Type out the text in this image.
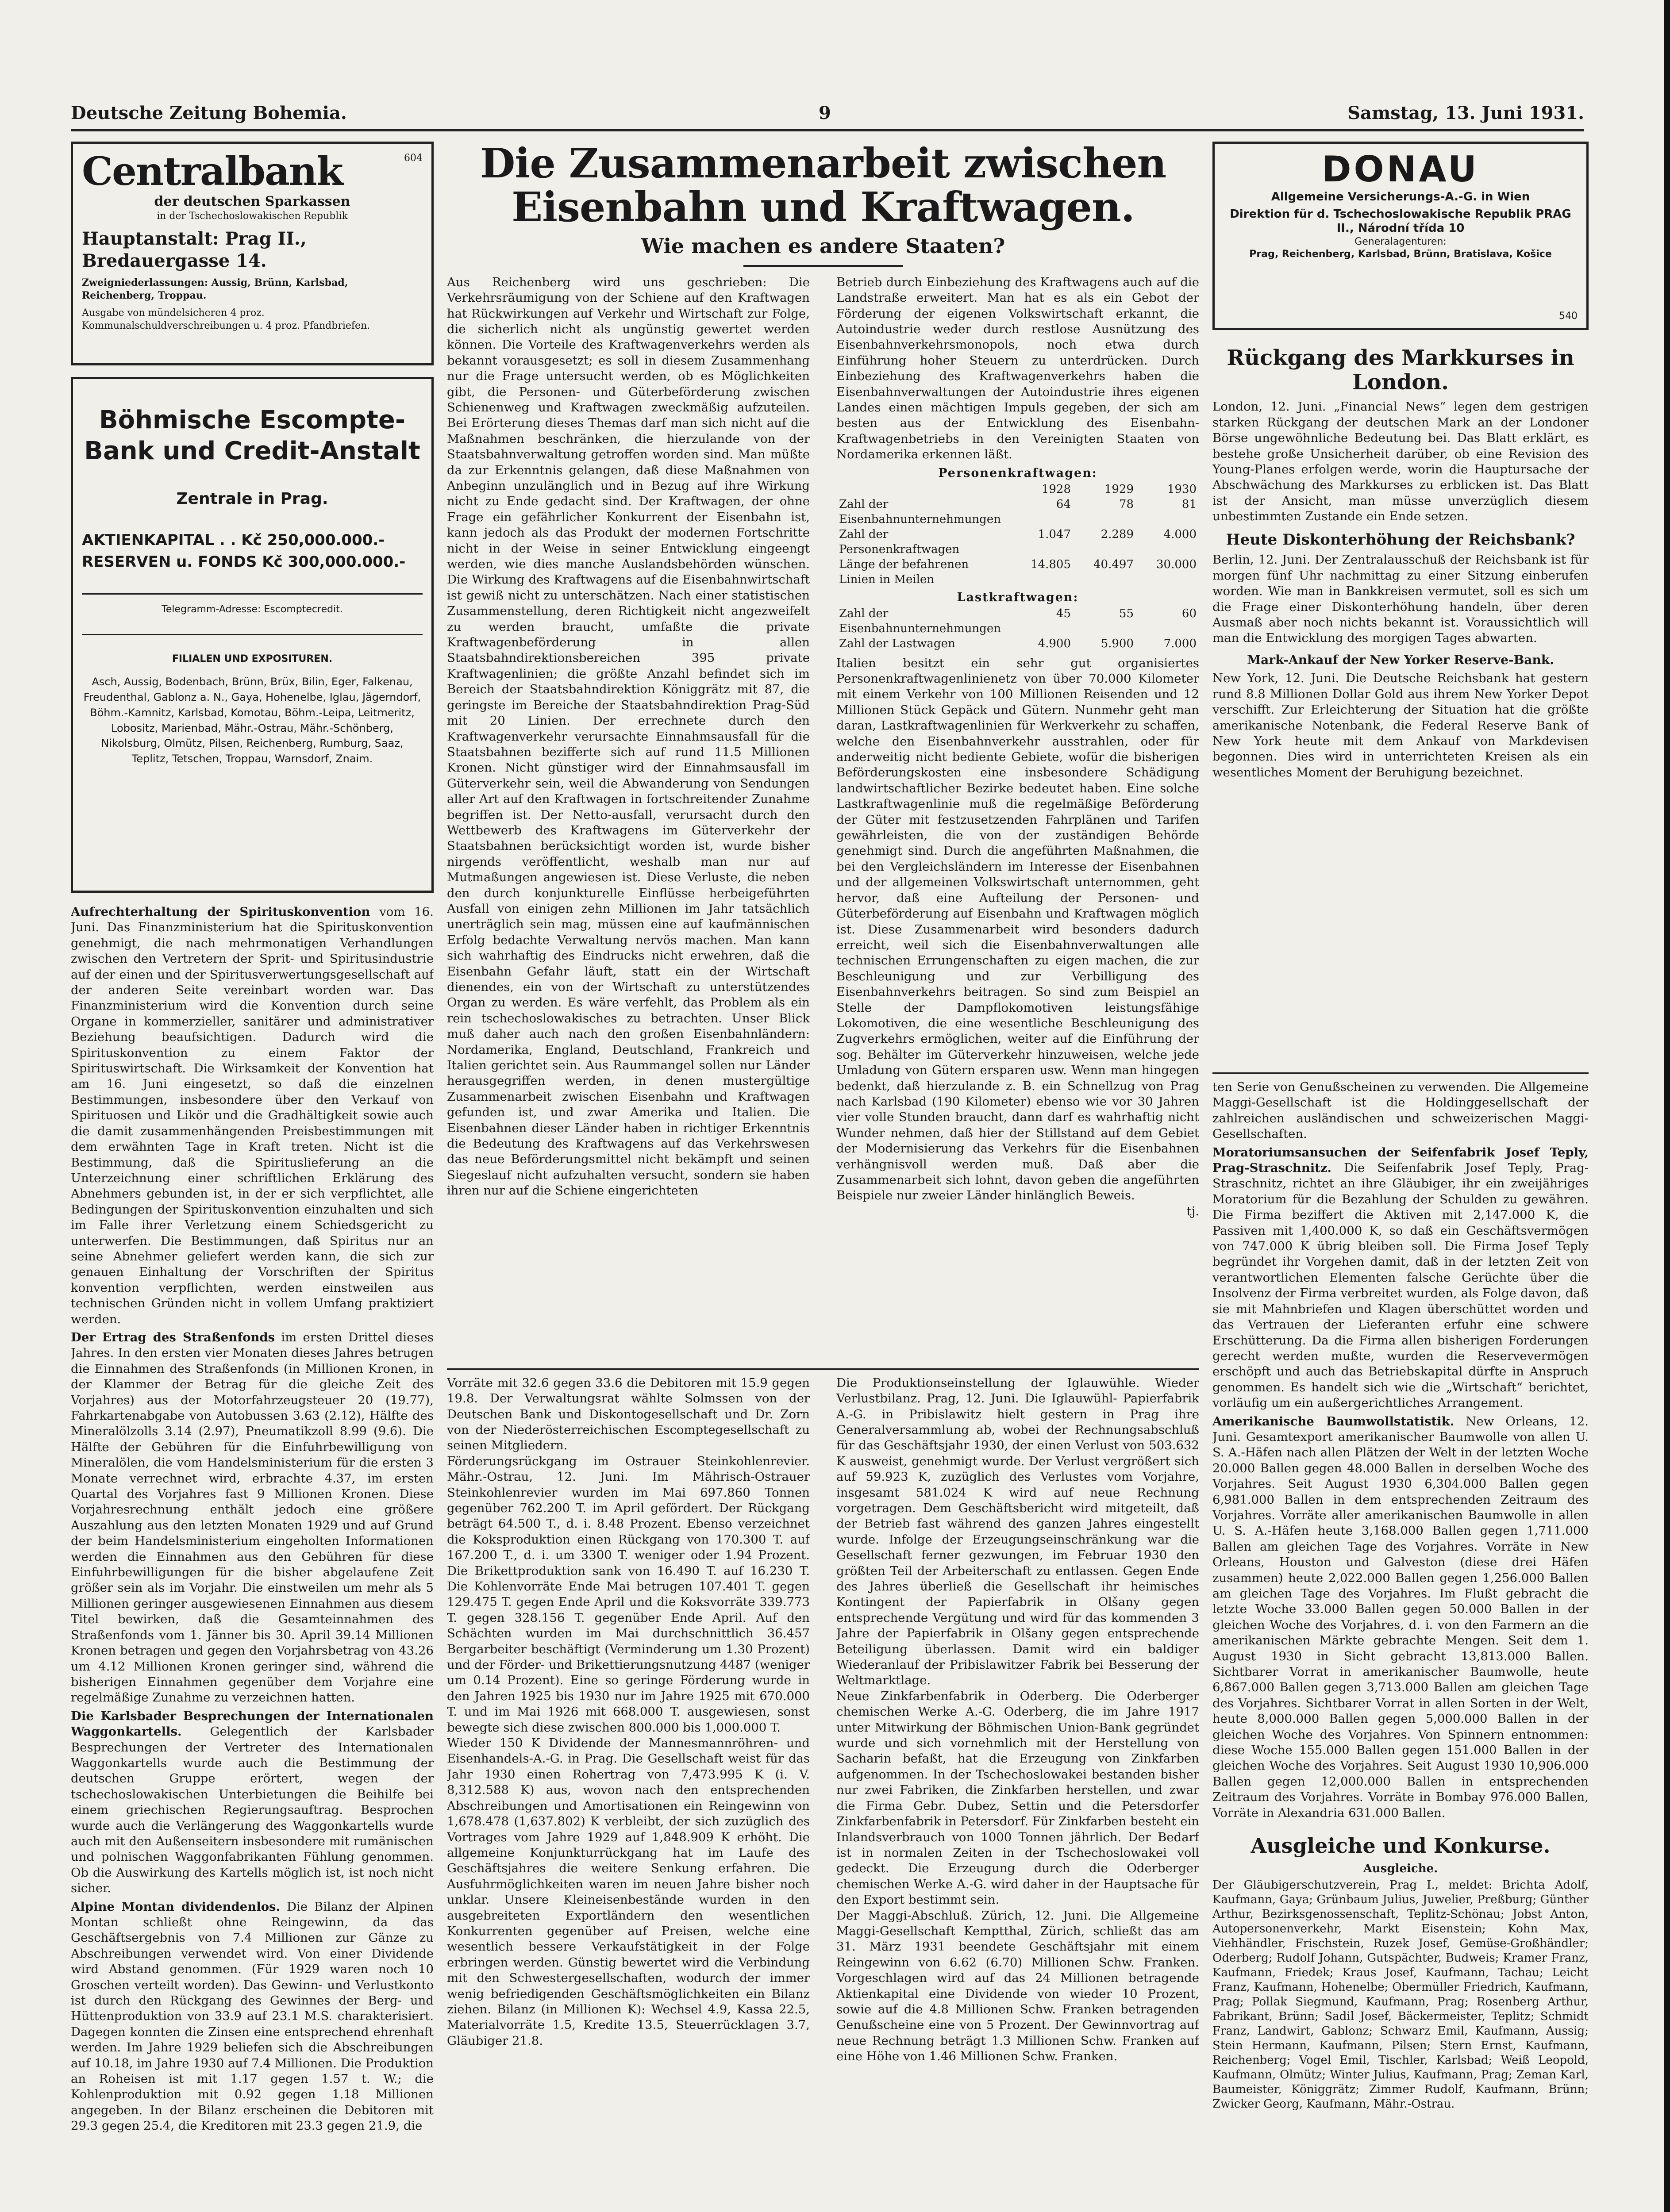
Deutsche Zeitung Bohemia.	9	Samstag, 13. Juni 1931.
Centralbank	604
der deutschen Sparkassen
in der Tschechoslowakischen Republik
Hauptanstalt: Prag II., Bredauergasse 14.
Zweigniederlassungen: Aussig, Brünn, Karlsbad, Reichenberg, Troppau.
Ausgabe von mündelsicheren 4 proz. Kommunalschuldverschreibungen u. 4 proz. Pfandbriefen.
Böhmische Escompte-Bank und Credit-Anstalt
Zentrale in Prag.
AKTIENKAPITAL . . Kč 250,000.000.-
RESERVEN u. FONDS Kč 300,000.000.-
Telegramm-Adresse: Escomptecredit.
FILIALEN UND EXPOSITUREN.
Asch, Aussig, Bodenbach, Brünn, Brüx, Bilin, Eger, Falkenau, Freudenthal, Gablonz a. N., Gaya, Hohenelbe, Iglau, Jägerndorf, Böhm.-Kamnitz, Karlsbad, Komotau, Böhm.-Leipa, Leitmeritz, Lobositz, Marienbad, Mähr.-Ostrau, Mähr.-Schönberg, Nikolsburg, Olmütz, Pilsen, Reichenberg, Rumburg, Saaz, Teplitz, Tetschen, Troppau, Warnsdorf, Znaim.

Aufrechterhaltung der Spirituskonvention vom 16. Juni. Das Finanzministerium hat die Spirituskonvention genehmigt, die nach mehrmonatigen Verhandlungen zwischen den Vertretern der Sprit- und Spiritusindustrie auf der einen und der Spiritusverwertungsgesellschaft auf der anderen Seite vereinbart worden war. Das Finanzministerium wird die Konvention durch seine Organe in kommerzieller, sanitärer und administrativer Beziehung beaufsichtigen. Dadurch wird die Spirituskonvention zu einem Faktor der Spirituswirtschaft. Die Wirksamkeit der Konvention hat am 16. Juni eingesetzt, so daß die einzelnen Bestimmungen, insbesondere über den Verkauf von Spirituosen und Likör und die Gradhältigkeit sowie auch die damit zusammenhängenden Preisbestimmungen mit dem erwähnten Tage in Kraft treten. Nicht ist die Bestimmung, daß die Spirituslieferung an die Unterzeichnung einer schriftlichen Erklärung des Abnehmers gebunden ist, in der er sich verpflichtet, alle Bedingungen der Spirituskonvention einzuhalten und sich im Falle ihrer Verletzung einem Schiedsgericht zu unterwerfen. Die Bestimmungen, daß Spiritus nur an seine Abnehmer geliefert werden kann, die sich zur genauen Einhaltung der Vorschriften der Spiritus konvention verpflichten, werden einstweilen aus technischen Gründen nicht in vollem Umfang praktiziert werden.

Der Ertrag des Straßenfonds im ersten Drittel dieses Jahres. In den ersten vier Monaten dieses Jahres betrugen die Einnahmen des Straßenfonds (in Millionen Kronen, in der Klammer der Betrag für die gleiche Zeit des Vorjahres) aus der Motorfahrzeugsteuer 20 (19.77), Fahrkartenabgabe von Autobussen 3.63 (2.12), Hälfte des Mineralölzolls 3.14 (2.97), Pneumatikzoll 8.99 (9.6). Die Hälfte der Gebühren für die Einfuhrbewilligung von Mineralölen, die vom Handelsministerium für die ersten 3 Monate verrechnet wird, erbrachte 4.37, im ersten Quartal des Vorjahres fast 9 Millionen Kronen. Diese Vorjahresrechnung enthält jedoch eine größere Auszahlung aus den letzten Monaten 1929 und auf Grund der beim Handelsministerium eingeholten Informationen werden die Einnahmen aus den Gebühren für diese Einfuhrbewilligungen für die bisher abgelaufene Zeit größer sein als im Vorjahr. Die einstweilen um mehr als 5 Millionen geringer ausgewiesenen Einnahmen aus diesem Titel bewirken, daß die Gesamteinnahmen des Straßenfonds vom 1. Jänner bis 30. April 39.14 Millionen Kronen betragen und gegen den Vorjahrsbetrag von 43.26 um 4.12 Millionen Kronen geringer sind, während die bisherigen Einnahmen gegenüber dem Vorjahre eine regelmäßige Zunahme zu verzeichnen hatten.

Die Karlsbader Besprechungen der Internationalen Waggonkartells. Gelegentlich der Karlsbader Besprechungen der Vertreter des Internationalen Waggonkartells wurde auch die Bestimmung der deutschen Gruppe erörtert, wegen der tschechoslowakischen Unterbietungen die Beihilfe bei einem griechischen Regierungsauftrag. Besprochen wurde auch die Verlängerung des Waggonkartells wurde auch mit den Außenseitern insbesondere mit rumänischen und polnischen Waggonfabrikanten Fühlung genommen. Ob die Auswirkung des Kartells möglich ist, ist noch nicht sicher.

Alpine Montan dividendenlos. Die Bilanz der Alpinen Montan schließt ohne Reingewinn, da das Geschäftsergebnis von 7.4 Millionen zur Gänze zu Abschreibungen verwendet wird. Von einer Dividende wird Abstand genommen. (Für 1929 waren noch 10 Groschen verteilt worden). Das Gewinn- und Verlustkonto ist durch den Rückgang des Gewinnes der Berg- und Hüttenproduktion von 33.9 auf 23.1 M.S. charakterisiert. Dagegen konnten die Zinsen eine entsprechend ehrenhaft werden. Im Jahre 1929 beliefen sich die Abschreibungen auf 10.18, im Jahre 1930 auf 7.4 Millionen. Die Produktion an Roheisen ist mit 1.17 gegen 1.57 t. W.; die Kohlenproduktion mit 0.92 gegen 1.18 Millionen angegeben. In der Bilanz erscheinen die Debitoren mit 29.3 gegen 25.4, die Kreditoren mit 23.3 gegen 21.9, die

Die Zusammenarbeit zwischen Eisenbahn und Kraftwagen.
Wie machen es andere Staaten?

Aus Reichenberg wird uns geschrieben: Die Verkehrsräumigung von der Schiene auf den Kraftwagen hat Rückwirkungen auf Verkehr und Wirtschaft zur Folge, die sicherlich nicht als ungünstig gewertet werden können. Die Vorteile des Kraftwagenverkehrs werden als bekannt vorausgesetzt; es soll in diesem Zusammenhang nur die Frage untersucht werden, ob es Möglichkeiten gibt, die Personen- und Güterbeförderung zwischen Schienenweg und Kraftwagen zweckmäßig aufzuteilen. Bei Erörterung dieses Themas darf man sich nicht auf die Maßnahmen beschränken, die hierzulande von der Staatsbahnverwaltung getroffen worden sind. Man müßte da zur Erkenntnis gelangen, daß diese Maßnahmen von Anbeginn unzulänglich und in Bezug auf ihre Wirkung nicht zu Ende gedacht sind. Der Kraftwagen, der ohne Frage ein gefährlicher Konkurrent der Eisenbahn ist, kann jedoch als das Produkt der modernen Fortschritte nicht in der Weise in seiner Entwicklung eingeengt werden, wie dies manche Auslandsbehörden wünschen. Die Wirkung des Kraftwagens auf die Eisenbahnwirtschaft ist gewiß nicht zu unterschätzen. Nach einer statistischen Zusammenstellung, deren Richtigkeit nicht angezweifelt zu werden braucht, umfaßte die private Kraftwagenbeförderung in allen Staatsbahndirektionsbereichen 395 private Kraftwagenlinien; die größte Anzahl befindet sich im Bereich der Staatsbahndirektion Königgrätz mit 87, die geringste im Bereiche der Staatsbahndirektion Prag-Süd mit 20 Linien. Der errechnete durch den Kraftwagenverkehr verursachte Einnahmsausfall für die Staatsbahnen bezifferte sich auf rund 11.5 Millionen Kronen. Nicht günstiger wird der Einnahmsausfall im Güterverkehr sein, weil die Abwanderung von Sendungen aller Art auf den Kraftwagen in fortschreitender Zunahme begriffen ist. Der Netto-ausfall, verursacht durch den Wettbewerb des Kraftwagens im Güterverkehr der Staatsbahnen berücksichtigt worden ist, wurde bisher nirgends veröffentlicht, weshalb man nur auf Mutmaßungen angewiesen ist. Diese Verluste, die neben den durch konjunkturelle Einflüsse herbeigeführten Ausfall von einigen zehn Millionen im Jahr tatsächlich unerträglich sein mag, müssen eine auf kaufmännischen Erfolg bedachte Verwaltung nervös machen. Man kann sich wahrhaftig des Eindrucks nicht erwehren, daß die Eisenbahn Gefahr läuft, statt ein der Wirtschaft dienendes, ein von der Wirtschaft zu unterstützendes Organ zu werden. Es wäre verfehlt, das Problem als ein rein tschechoslowakisches zu betrachten. Unser Blick muß daher auch nach den großen Eisenbahnländern: Nordamerika, England, Deutschland, Frankreich und Italien gerichtet sein. Aus Raummangel sollen nur Länder herausgegriffen werden, in denen mustergültige Zusammenarbeit zwischen Eisenbahn und Kraftwagen gefunden ist, und zwar Amerika und Italien. Die Eisenbahnen dieser Länder haben in richtiger Erkenntnis die Bedeutung des Kraftwagens auf das Verkehrswesen das neue Beförderungsmittel nicht bekämpft und seinen Siegeslauf nicht aufzuhalten versucht, sondern sie haben ihren nur auf die Schiene eingerichteten

Betrieb durch Einbeziehung des Kraftwagens auch auf die Landstraße erweitert. Man hat es als ein Gebot der Förderung der eigenen Volkswirtschaft erkannt, die Autoindustrie weder durch restlose Ausnützung des Eisenbahnverkehrsmonopols, noch etwa durch Einführung hoher Steuern zu unterdrücken. Durch Einbeziehung des Kraftwagenverkehrs haben die Eisenbahnverwaltungen der Autoindustrie ihres eigenen Landes einen mächtigen Impuls gegeben, der sich am besten aus der Entwicklung des Eisenbahn-Kraftwagenbetriebs in den Vereinigten Staaten von Nordamerika erkennen läßt.

Personenkraftwagen:
	1928	1929	1930
Zahl der Eisenbahnunternehmungen	64	78	81
Zahl der Personenkraftwagen	1.047	2.289	4.000
Länge der befahrenen Linien in Meilen	14.805	40.497	30.000
Lastkraftwagen:
Zahl der Eisenbahnunternehmungen	45	55	60
Zahl der Lastwagen	4.900	5.900	7.000

Italien besitzt ein sehr gut organisiertes Personenkraftwagenlinienetz von über 70.000 Kilometer mit einem Verkehr von 100 Millionen Reisenden und 12 Millionen Stück Gepäck und Gütern. Nunmehr geht man daran, Lastkraftwagenlinien für Werkverkehr zu schaffen, welche den Eisenbahnverkehr ausstrahlen, oder für anderweitig nicht bediente Gebiete, wofür die bisherigen Beförderungskosten eine insbesondere Schädigung landwirtschaftlicher Bezirke bedeutet haben. Eine solche Lastkraftwagenlinie muß die regelmäßige Beförderung der Güter mit festzusetzenden Fahrplänen und Tarifen gewährleisten, die von der zuständigen Behörde genehmigt sind. Durch die angeführten Maßnahmen, die bei den Vergleichsländern im Interesse der Eisenbahnen und der allgemeinen Volkswirtschaft unternommen, geht hervor, daß eine Aufteilung der Personen- und Güterbeförderung auf Eisenbahn und Kraftwagen möglich ist. Diese Zusammenarbeit wird besonders dadurch erreicht, weil sich die Eisenbahnverwaltungen alle technischen Errungenschaften zu eigen machen, die zur Beschleunigung und zur Verbilligung des Eisenbahnverkehrs beitragen. So sind zum Beispiel an Stelle der Dampflokomotiven leistungsfähige Lokomotiven, die eine wesentliche Beschleunigung des Zugverkehrs ermöglichen, weiter auf die Einführung der sog. Behälter im Güterverkehr hinzuweisen, welche jede Umladung von Gütern ersparen usw. Wenn man hingegen bedenkt, daß hierzulande z. B. ein Schnellzug von Prag nach Karlsbad (190 Kilometer) ebenso wie vor 30 Jahren vier volle Stunden braucht, dann darf es wahrhaftig nicht Wunder nehmen, daß hier der Stillstand auf dem Gebiet der Modernisierung das Verkehrs für die Eisenbahnen verhängnisvoll werden muß. Daß aber die Zusammenarbeit sich lohnt, davon geben die angeführten Beispiele nur zweier Länder hinlänglich Beweis.

tj.

Vorräte mit 32.6 gegen 33.6 die Debitoren mit 15.9 gegen 19.8. Der Verwaltungsrat wählte Solmssen von der Deutschen Bank und Diskontogesellschaft und Dr. Zorn von der Niederösterreichischen Escomptegesellschaft zu seinen Mitgliedern.
Förderungsrückgang im Ostrauer Steinkohlenrevier. Mähr.-Ostrau, 12. Juni. Im Mährisch-Ostrauer Steinkohlenrevier wurden im Mai 697.860 Tonnen gegenüber 762.200 T. im April gefördert. Der Rückgang beträgt 64.500 T., d. i. 8.48 Prozent. Ebenso verzeichnet die Koksproduktion einen Rückgang von 170.300 T. auf 167.200 T., d. i. um 3300 T. weniger oder 1.94 Prozent. Die Brikettproduktion sank von 16.490 T. auf 16.230 T. Die Kohlenvorräte Ende Mai betrugen 107.401 T. gegen 129.475 T. gegen Ende April und die Koksvorräte 339.773 T. gegen 328.156 T. gegenüber Ende April. Auf den Schächten wurden im Mai durchschnittlich 36.457 Bergarbeiter beschäftigt (Verminderung um 1.30 Prozent) und der Förder- und Brikettierungsnutzung 4487 (weniger um 0.14 Prozent). Eine so geringe Förderung wurde in den Jahren 1925 bis 1930 nur im Jahre 1925 mit 670.000 T. und im Mai 1926 mit 668.000 T. ausgewiesen, sonst bewegte sich diese zwischen 800.000 bis 1,000.000 T.
Wieder 150 K Dividende der Mannesmannröhren- und Eisenhandels-A.-G. in Prag. Die Gesellschaft weist für das Jahr 1930 einen Rohertrag von 7,473.995 K (i. V. 8,312.588 K) aus, wovon nach den entsprechenden Abschreibungen und Amortisationen ein Reingewinn von 1,678.478 (1,637.802) K verbleibt, der sich zuzüglich des Vortrages vom Jahre 1929 auf 1,848.909 K erhöht. Die allgemeine Konjunkturrückgang hat im Laufe des Geschäftsjahres die weitere Senkung erfahren. Die Ausfuhrmöglichkeiten waren im neuen Jahre bisher noch unklar. Unsere Kleineisenbestände wurden in den ausgebreiteten Exportländern den wesentlichen Konkurrenten gegenüber auf Preisen, welche eine wesentlich bessere Verkaufstätigkeit in der Folge erbringen werden. Günstig bewertet wird die Verbindung mit den Schwestergesellschaften, wodurch der immer wenig befriedigenden Geschäftsmöglichkeiten ein Bilanz ziehen. Bilanz (in Millionen K): Wechsel 4.9, Kassa 22.5, Materialvorräte 1.5, Kredite 13.5, Steuerrücklagen 3.7, Gläubiger 21.8.

Die Produktionseinstellung der Iglauwühle. Wieder Verlustbilanz. Prag, 12. Juni. Die Iglauwühl- Papierfabrik A.-G. in Pribislawitz hielt gestern in Prag ihre Generalversammlung ab, wobei der Rechnungsabschluß für das Geschäftsjahr 1930, der einen Verlust von 503.632 K ausweist, genehmigt wurde. Der Verlust vergrößert sich auf 59.923 K, zuzüglich des Verlustes vom Vorjahre, insgesamt 581.024 K wird auf neue Rechnung vorgetragen. Dem Geschäftsbericht wird mitgeteilt, daß der Betrieb fast während des ganzen Jahres eingestellt wurde. Infolge der Erzeugungseinschränkung war die Gesellschaft ferner gezwungen, im Februar 1930 den größten Teil der Arbeiterschaft zu entlassen. Gegen Ende des Jahres überließ die Gesellschaft ihr heimisches Kontingent der Papierfabrik in Olšany gegen entsprechende Vergütung und wird für das kommenden 3 Jahre der Papierfabrik in Olšany gegen entsprechende Beteiligung überlassen. Damit wird ein baldiger Wiederanlauf der Pribislawitzer Fabrik bei Besserung der Weltmarktlage.
Neue Zinkfarbenfabrik in Oderberg. Die Oderberger chemischen Werke A.-G. Oderberg, die im Jahre 1917 unter Mitwirkung der Böhmischen Union-Bank gegründet wurde und sich vornehmlich mit der Herstellung von Sacharin befaßt, hat die Erzeugung von Zinkfarben aufgenommen. In der Tschechoslowakei bestanden bisher nur zwei Fabriken, die Zinkfarben herstellen, und zwar die Firma Gebr. Dubez, Settin und die Petersdorfer Zinkfarbenfabrik in Petersdorf. Für Zinkfarben besteht ein Inlandsverbrauch von 1000 Tonnen jährlich. Der Bedarf ist in normalen Zeiten in der Tschechoslowakei voll gedeckt. Die Erzeugung durch die Oderberger chemischen Werke A.-G. wird daher in der Hauptsache für den Export bestimmt sein.
Der Maggi-Abschluß. Zürich, 12. Juni. Die Allgemeine Maggi-Gesellschaft Kemptthal, Zürich, schließt das am 31. März 1931 beendete Geschäftsjahr mit einem Reingewinn von 6.62 (6.70) Millionen Schw. Franken. Vorgeschlagen wird auf das 24 Millionen betragende Aktienkapital eine Dividende von wieder 10 Prozent, sowie auf die 4.8 Millionen Schw. Franken betragenden Genußscheine eine von 5 Prozent. Der Gewinnvortrag auf neue Rechnung beträgt 1.3 Millionen Schw. Franken auf eine Höhe von 1.46 Millionen Schw. Franken.

DONAU
Allgemeine Versicherungs-A.-G. in Wien
Direktion für d. Tschechoslowakische Republik PRAG II., Národní třída 10
Generalagenturen:
Prag, Reichenberg, Karlsbad, Brünn, Bratislava, Košice
540
Rückgang des Markkurses in London.

London, 12. Juni. „Financial News“ legen dem gestrigen starken Rückgang der deutschen Mark an der Londoner Börse ungewöhnliche Bedeutung bei. Das Blatt erklärt, es bestehe große Unsicherheit darüber, ob eine Revision des Young-Planes erfolgen werde, worin die Hauptursache der Abschwächung des Markkurses zu erblicken ist. Das Blatt ist der Ansicht, man müsse unverzüglich diesem unbestimmten Zustande ein Ende setzen.

Heute Diskonterhöhung der Reichsbank?

Berlin, 12. Juni. Der Zentralausschuß der Reichsbank ist für morgen fünf Uhr nachmittag zu einer Sitzung einberufen worden. Wie man in Bankkreisen vermutet, soll es sich um die Frage einer Diskonterhöhung handeln, über deren Ausmaß aber noch nichts bekannt ist. Voraussichtlich will man die Entwicklung des morgigen Tages abwarten.

Mark-Ankauf der New Yorker Reserve-Bank.

New York, 12. Juni. Die Deutsche Reichsbank hat gestern rund 8.8 Millionen Dollar Gold aus ihrem New Yorker Depot verschifft. Zur Erleichterung der Situation hat die größte amerikanische Notenbank, die Federal Reserve Bank of New York heute mit dem Ankauf von Markdevisen begonnen. Dies wird in unterrichteten Kreisen als ein wesentliches Moment der Beruhigung bezeichnet.

ten Serie von Genußscheinen zu verwenden. Die Allgemeine Maggi-Gesellschaft ist die Holdinggesellschaft der zahlreichen ausländischen und schweizerischen Maggi-Gesellschaften.

Moratoriumsansuchen der Seifenfabrik Josef Teply, Prag-Straschnitz. Die Seifenfabrik Josef Teply, Prag-Straschnitz, richtet an ihre Gläubiger, ihr ein zweijähriges Moratorium für die Bezahlung der Schulden zu gewähren. Die Firma beziffert die Aktiven mit 2,147.000 K, die Passiven mit 1,400.000 K, so daß ein Geschäftsvermögen von 747.000 K übrig bleiben soll. Die Firma Josef Teply begründet ihr Vorgehen damit, daß in der letzten Zeit von verantwortlichen Elementen falsche Gerüchte über die Insolvenz der Firma verbreitet wurden, als Folge davon, daß sie mit Mahnbriefen und Klagen überschüttet worden und das Vertrauen der Lieferanten erfuhr eine schwere Erschütterung. Da die Firma allen bisherigen Forderungen gerecht werden mußte, wurden die Reservevermögen erschöpft und auch das Betriebskapital dürfte in Anspruch genommen. Es handelt sich wie die „Wirtschaft“ berichtet, vorläufig um ein außergerichtliches Arrangement.

Amerikanische Baumwollstatistik. New Orleans, 12. Juni. Gesamtexport amerikanischer Baumwolle von allen U. S. A.-Häfen nach allen Plätzen der Welt in der letzten Woche 20.000 Ballen gegen 48.000 Ballen in derselben Woche des Vorjahres. Seit August 1930 6,304.000 Ballen gegen 6,981.000 Ballen in dem entsprechenden Zeitraum des Vorjahres. Vorräte aller amerikanischen Baumwolle in allen U. S. A.-Häfen heute 3,168.000 Ballen gegen 1,711.000 Ballen am gleichen Tage des Vorjahres. Vorräte in New Orleans, Houston und Galveston (diese drei Häfen zusammen) heute 2,022.000 Ballen gegen 1,256.000 Ballen am gleichen Tage des Vorjahres. Im Flußt gebracht die letzte Woche 33.000 Ballen gegen 50.000 Ballen in der gleichen Woche des Vorjahres, d. i. von den Farmern an die amerikanischen Märkte gebrachte Mengen. Seit dem 1. August 1930 in Sicht gebracht 13,813.000 Ballen. Sichtbarer Vorrat in amerikanischer Baumwolle, heute 6,867.000 Ballen gegen 3,713.000 Ballen am gleichen Tage des Vorjahres. Sichtbarer Vorrat in allen Sorten in der Welt, heute 8,000.000 Ballen gegen 5,000.000 Ballen in der gleichen Woche des Vorjahres. Von Spinnern entnommen: diese Woche 155.000 Ballen gegen 151.000 Ballen in der gleichen Woche des Vorjahres. Seit August 1930 10,906.000 Ballen gegen 12,000.000 Ballen in entsprechenden Zeitraum des Vorjahres. Vorräte in Bombay 976.000 Ballen, Vorräte in Alexandria 631.000 Ballen.

Ausgleiche und Konkurse.
Ausgleiche.

Der Gläubigerschutzverein, Prag I., meldet: Brichta Adolf, Kaufmann, Gaya; Grünbaum Julius, Juwelier, Preßburg; Günther Arthur, Bezirksgenossenschaft, Teplitz-Schönau; Jobst Anton, Autopersonenverkehr, Markt Eisenstein; Kohn Max, Viehhändler, Frischstein, Ruzek Josef, Gemüse-Großhändler; Oderberg; Rudolf Johann, Gutspächter, Budweis; Kramer Franz, Kaufmann, Friedek; Kraus Josef, Kaufmann, Tachau; Leicht Franz, Kaufmann, Hohenelbe; Obermüller Friedrich, Kaufmann, Prag; Pollak Siegmund, Kaufmann, Prag; Rosenberg Arthur, Fabrikant, Brünn; Sadil Josef, Bäckermeister, Teplitz; Schmidt Franz, Landwirt, Gablonz; Schwarz Emil, Kaufmann, Aussig; Stein Hermann, Kaufmann, Pilsen; Stern Ernst, Kaufmann, Reichenberg; Vogel Emil, Tischler, Karlsbad; Weiß Leopold, Kaufmann, Olmütz; Winter Julius, Kaufmann, Prag; Zeman Karl, Baumeister, Königgrätz; Zimmer Rudolf, Kaufmann, Brünn; Zwicker Georg, Kaufmann, Mähr.-Ostrau.
